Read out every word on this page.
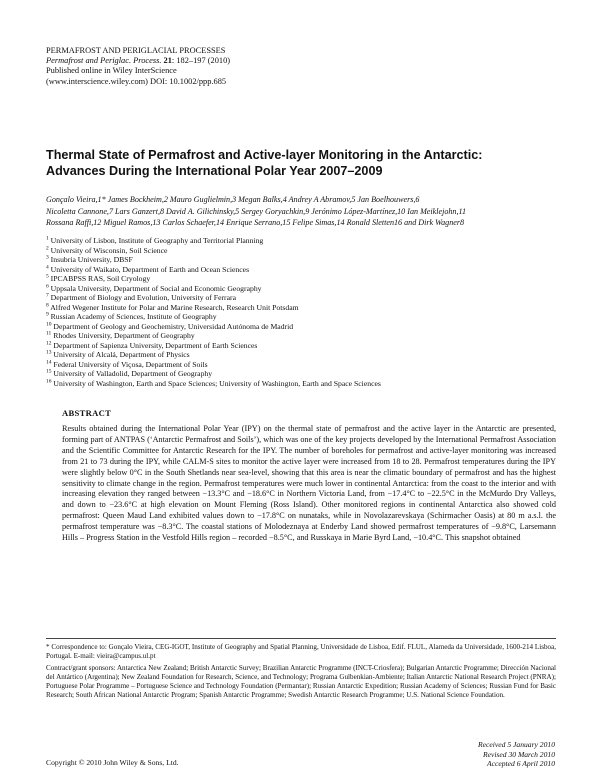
PERMAFROST AND PERIGLACIAL PROCESSES
Permafrost and Periglac. Process. 21: 182–197 (2010)
Published online in Wiley InterScience
(www.interscience.wiley.com) DOI: 10.1002/ppp.685
Thermal State of Permafrost and Active-layer Monitoring in the Antarctic:
Advances During the International Polar Year 2007–2009
Gonçalo Vieira,1* James Bockheim,2 Mauro Guglielmin,3 Megan Balks,4 Andrey A Abramov,5 Jan Boelhouwers,6
Nicoletta Cannone,7 Lars Ganzert,8 David A. Gilichinsky,5 Sergey Goryachkin,9 Jerónimo López-Martínez,10 Ian Meiklejohn,11
Rossana Raffi,12 Miguel Ramos,13 Carlos Schaefer,14 Enrique Serrano,15 Felipe Simas,14 Ronald Sletten16 and Dirk Wagner8
$^1$ University of Lisbon, Institute of Geography and Territorial Planning
$^2$ University of Wisconsin, Soil Science
$^3$ Insubria University, DBSF
$^4$ University of Waikato, Department of Earth and Ocean Sciences
$^5$ IPCABPSS RAS, Soil Cryology
$^6$ Uppsala University, Department of Social and Economic Geography
$^7$ Department of Biology and Evolution, University of Ferrara
$^8$ Alfred Wegener Institute for Polar and Marine Research, Research Unit Potsdam
$^9$ Russian Academy of Sciences, Institute of Geography
$^{10}$ Department of Geology and Geochemistry, Universidad Autónoma de Madrid
$^{11}$ Rhodes University, Department of Geography
$^{12}$ Department of Sapienza University, Department of Earth Sciences
$^{13}$ University of Alcalá, Department of Physics
$^{14}$ Federal University of Viçosa, Department of Soils
$^{15}$ University of Valladolid, Department of Geography
$^{16}$ University of Washington, Earth and Space Sciences; University of Washington, Earth and Space Sciences
ABSTRACT
Results obtained during the International Polar Year (IPY) on the thermal state of permafrost and the active layer in the Antarctic are presented, forming part of ANTPAS (‘Antarctic Permafrost and Soils’), which was one of the key projects developed by the International Permafrost Association and the Scientific Committee for Antarctic Research for the IPY. The number of boreholes for permafrost and active-layer monitoring was increased from 21 to 73 during the IPY, while CALM-S sites to monitor the active layer were increased from 18 to 28. Permafrost temperatures during the IPY were slightly below 0°C in the South Shetlands near sea-level, showing that this area is near the climatic boundary of permafrost and has the highest sensitivity to climate change in the region. Permafrost temperatures were much lower in continental Antarctica: from the coast to the interior and with increasing elevation they ranged between −13.3°C and −18.6°C in Northern Victoria Land, from −17.4°C to −22.5°C in the McMurdo Dry Valleys, and down to −23.6°C at high elevation on Mount Fleming (Ross Island). Other monitored regions in continental Antarctica also showed cold permafrost: Queen Maud Land exhibited values down to −17.8°C on nunataks, while in Novolazarevskaya (Schirmacher Oasis) at 80 m a.s.l. the permafrost temperature was −8.3°C. The coastal stations of Molodeznaya at Enderby Land showed permafrost temperatures of −9.8°C, Larsemann Hills – Progress Station in the Vestfold Hills region – recorded −8.5°C, and Russkaya in Marie Byrd Land, −10.4°C. This snapshot obtained

* Correspondence to: Gonçalo Vieira, CEG-IGOT, Institute of Geography and Spatial Planning, Universidade de Lisboa, Edif. FLUL, Alameda da Universidade, 1600-214 Lisboa, Portugal. E-mail: vieira@campus.ul.pt

Contract/grant sponsors: Antarctica New Zealand; British Antarctic Survey; Brazilian Antarctic Programme (INCT-Criosfera); Bulgarian Antarctic Programme; Dirección Nacional del Antártico (Argentina); New Zealand Foundation for Research, Science, and Technology; Programa Gulbenkian-Ambiente; Italian Antarctic National Research Project (PNRA); Portuguese Polar Programme – Portuguese Science and Technology Foundation (Permantar); Russian Antarctic Expedition; Russian Academy of Sciences; Russian Fund for Basic Research; South African National Antarctic Program; Spanish Antarctic Programme; Swedish Antarctic Research Programme; U.S. National Science Foundation.

Received 5 January 2010
Revised 30 March 2010
Accepted 6 April 2010
Copyright © 2010 John Wiley & Sons, Ltd.
